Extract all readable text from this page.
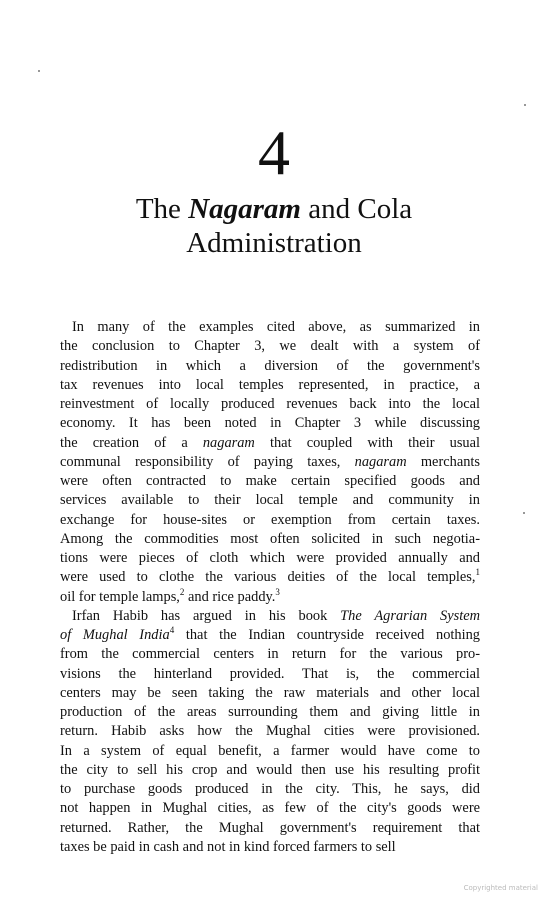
4
The Nagaram and Cola
Administration
In many of the examples cited above, as summarized in
the conclusion to Chapter 3, we dealt with a system of
redistribution in which a diversion of the government's
tax revenues into local temples represented, in practice, a
reinvestment of locally produced revenues back into the local
economy. It has been noted in Chapter 3 while discussing
the creation of a nagaram that coupled with their usual
communal responsibility of paying taxes, nagaram merchants
were often contracted to make certain specified goods and
services available to their local temple and community in
exchange for house-sites or exemption from certain taxes.
Among the commodities most often solicited in such negotia-
tions were pieces of cloth which were provided annually and
were used to clothe the various deities of the local temples,$^1$
oil for temple lamps,$^2$ and rice paddy.$^3$
Irfan Habib has argued in his book The Agrarian System
of Mughal India$^4$ that the Indian countryside received nothing
from the commercial centers in return for the various pro-
visions the hinterland provided. That is, the commercial
centers may be seen taking the raw materials and other local
production of the areas surrounding them and giving little in
return. Habib asks how the Mughal cities were provisioned.
In a system of equal benefit, a farmer would have come to
the city to sell his crop and would then use his resulting profit
to purchase goods produced in the city. This, he says, did
not happen in Mughal cities, as few of the city's goods were
returned. Rather, the Mughal government's requirement that
taxes be paid in cash and not in kind forced farmers to sell
Copyrighted material
